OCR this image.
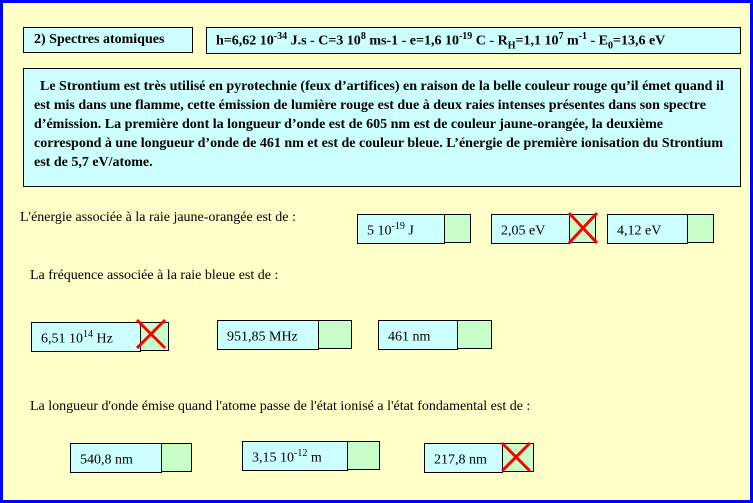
2) Spectres atomiques	h=6,62 $10^{-34}$ J.s - C=3 $10^8$ ms-1 - e=1,6 $10^{-19}$ $C - R_H=1,1$ $10^7$ $m^{-1} - E_0=13,6$ eV

Le Strontium est très utilisé en pyrotechnie (feux d’artifices) en raison de la belle couleur rouge qu’il émet quand il est mis dans une flamme, cette émission de lumière rouge est due à deux raies intenses présentes dans son spectre d’émission. La première dont la longueur d’onde est de 605 nm est de couleur jaune-orangée, la deuxième correspond à une longueur d’onde de 461 nm et est de couleur bleue. L’énergie de première ionisation du Strontium est de 5,7 eV/atome.

L'énergie associée à la raie jaune-orangée est de :
5 $10^{-19}$ J	2,05 eV	4,12 eV
La fréquence associée à la raie bleue est de :
6,51 $10^{14}$ Hz	951,85 MHz	461 nm
La longueur d'onde émise quand l'atome passe de l'état ionisé a l'état fondamental est de :
540,8 nm	3,15 $10^{-12}$ m	217,8 nm
